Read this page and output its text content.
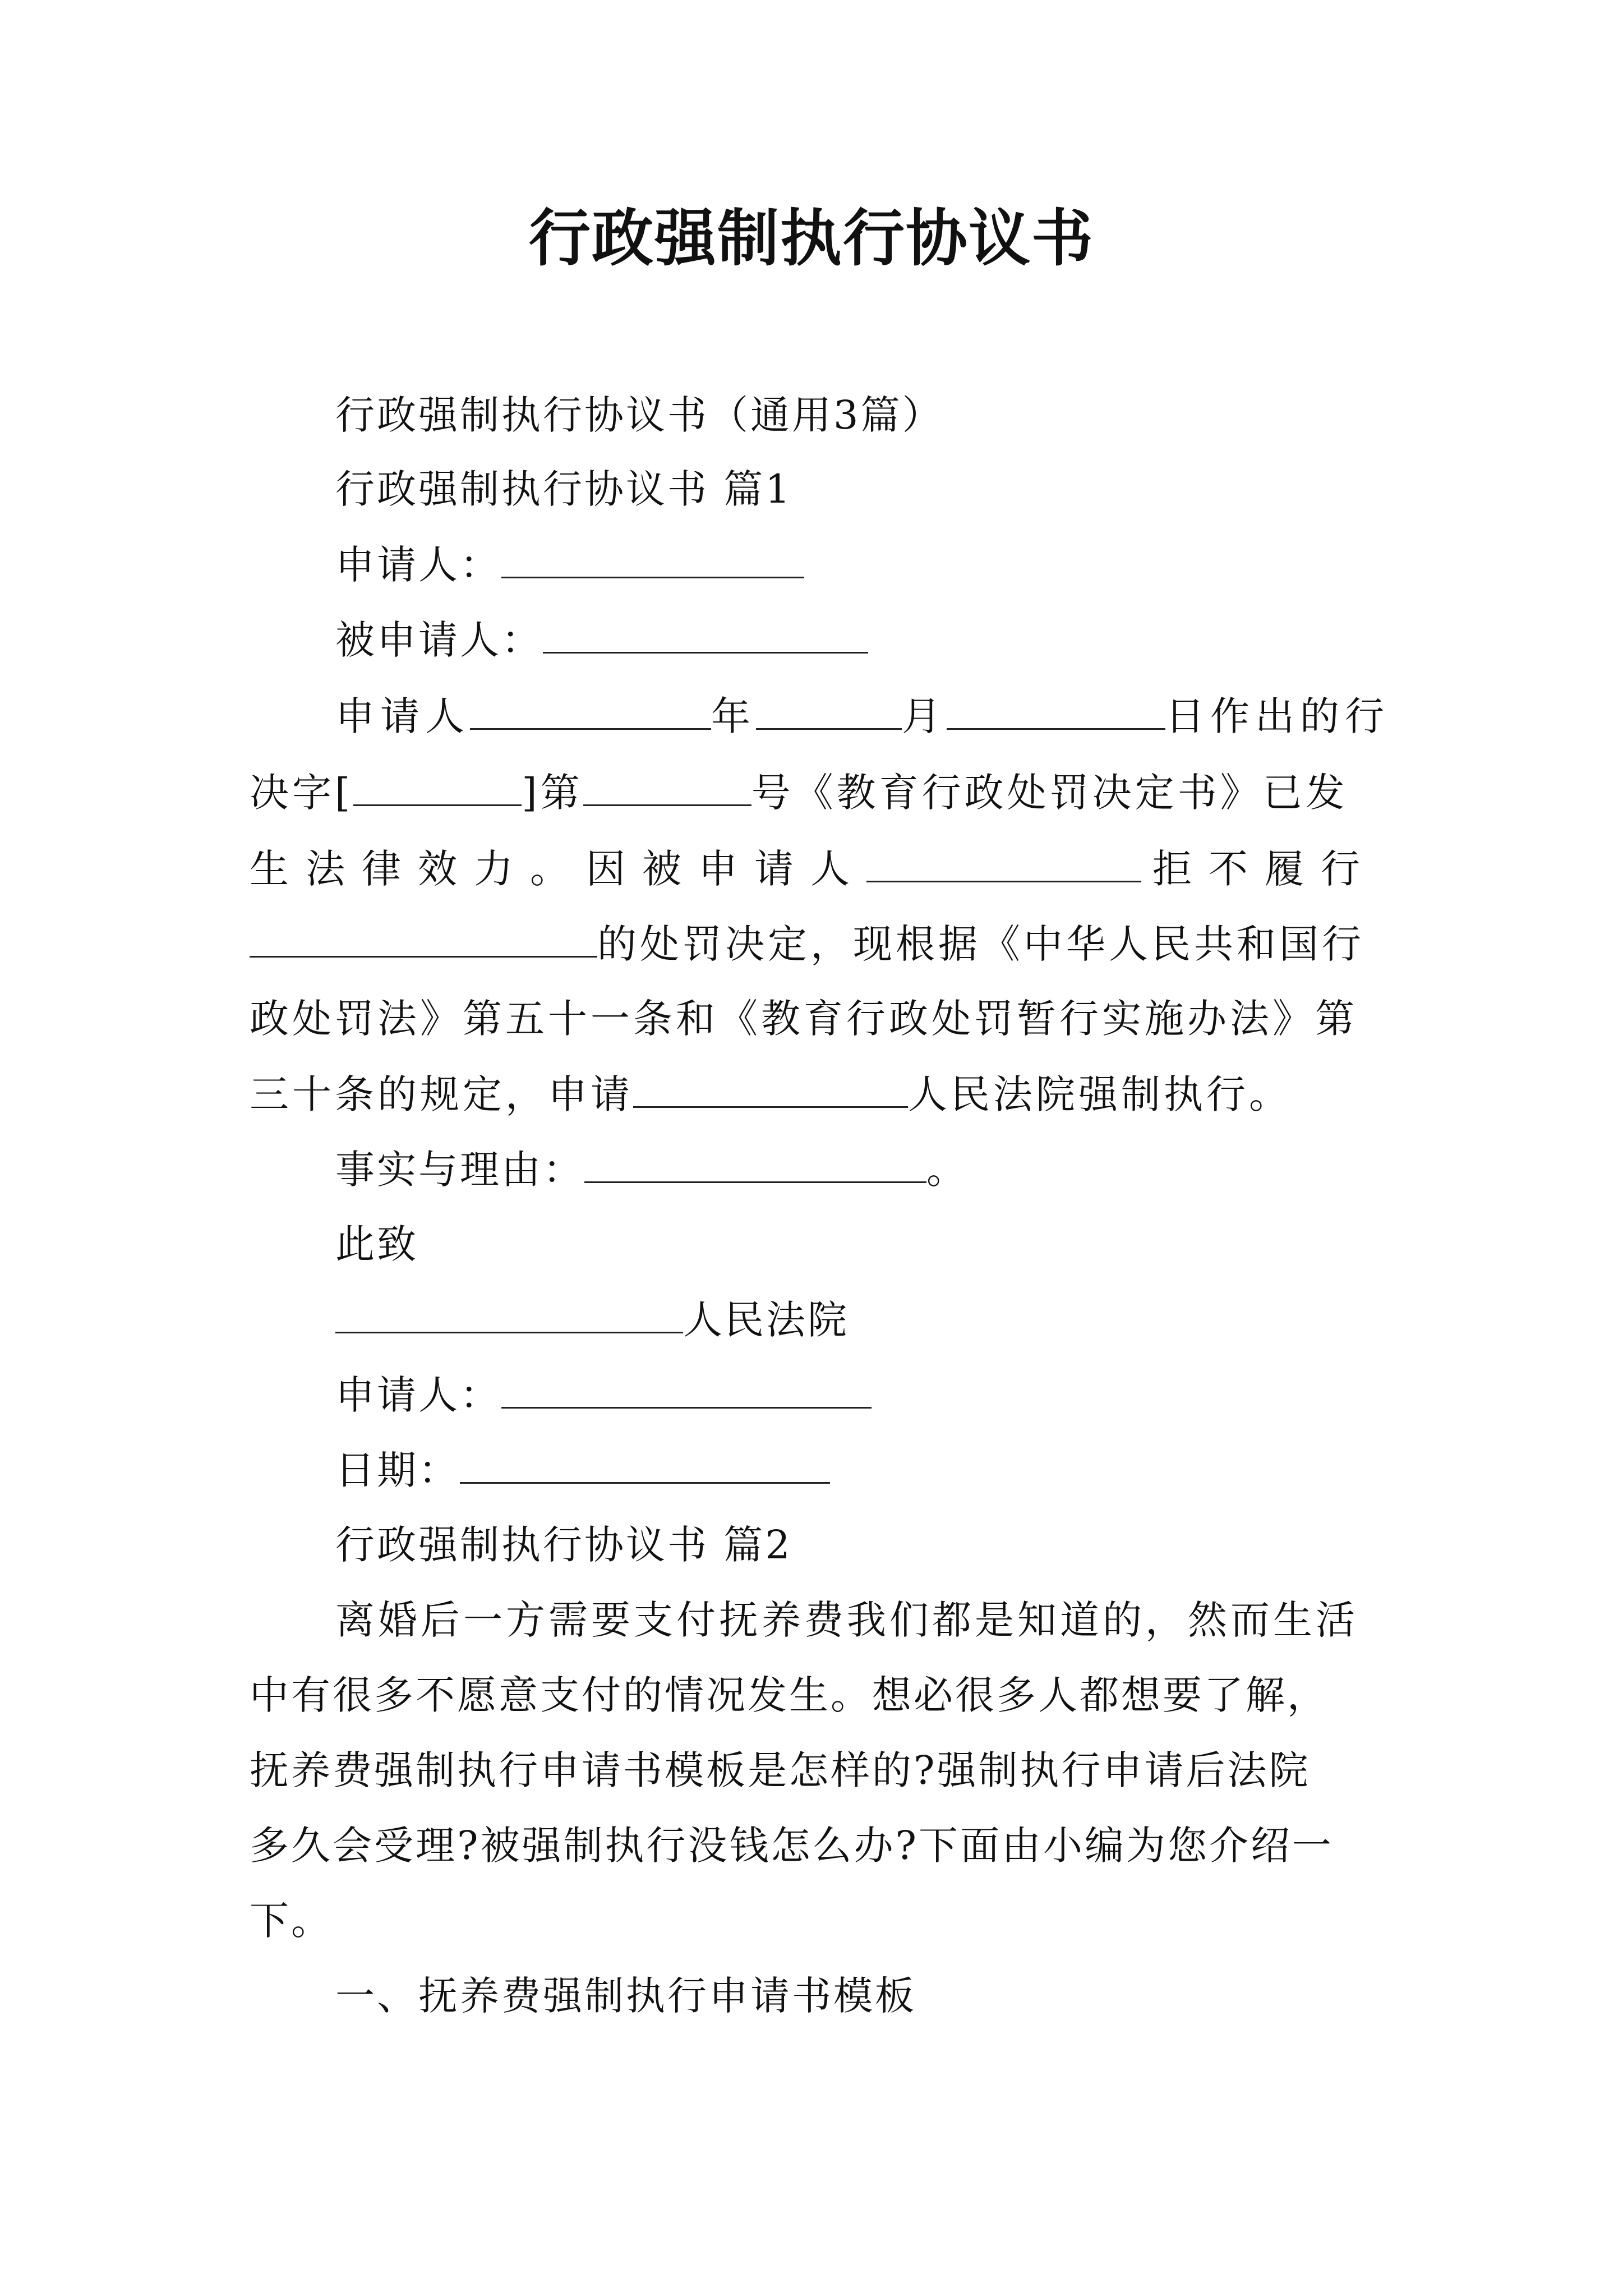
行政强制执行协议书
行政强制执行协议书（通用3篇）
行政强制执行协议书 篇1
申请人：
被申请人：
申请人	年	月	日作出的行
决字[	]第	号《教育行政处罚决定书》已发
生法律效力。因被申请人	拒不履行
的处罚决定，现根据《中华人民共和国行
政处罚法》第五十一条和《教育行政处罚暂行实施办法》第
三十条的规定，申请	人民法院强制执行。
事实与理由：	。
此致
人民法院
申请人：
日期：
行政强制执行协议书 篇2
离婚后一方需要支付抚养费我们都是知道的，然而生活
中有很多不愿意支付的情况发生。想必很多人都想要了解，
抚养费强制执行申请书模板是怎样的?强制执行申请后法院
多久会受理?被强制执行没钱怎么办?下面由小编为您介绍一
下。
一、抚养费强制执行申请书模板
